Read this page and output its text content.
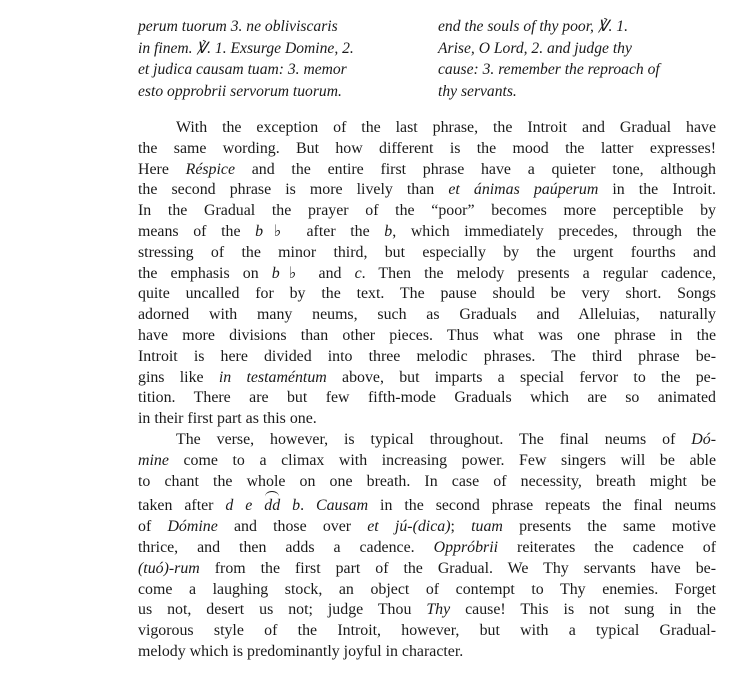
perum tuorum 3. ne obliviscaris
in finem. ℣. 1. Exsurge Domine, 2.
et judica causam tuam: 3. memor
esto opprobrii servorum tuorum.
end the souls of thy poor, ℣. 1.
Arise, O Lord, 2. and judge thy
cause: 3. remember the reproach of
thy servants.
With the exception of the last phrase, the Introit and Gradual have
the same wording. But how different is the mood the latter expresses!
Here Réspice and the entire first phrase have a quieter tone, although
the second phrase is more lively than et ánimas paúperum in the Introit.
In the Gradual the prayer of the “poor” becomes more perceptible by
means of the b♭ after the b, which immediately precedes, through the
stressing of the minor third, but especially by the urgent fourths and
the emphasis on b♭ and c. Then the melody presents a regular cadence,
quite uncalled for by the text. The pause should be very short. Songs
adorned with many neums, such as Graduals and Alleluias, naturally
have more divisions than other pieces. Thus what was one phrase in the
Introit is here divided into three melodic phrases. The third phrase be-
gins like in testaméntum above, but imparts a special fervor to the pe-
tition. There are but few fifth-mode Graduals which are so animated
in their first part as this one.
The verse, however, is typical throughout. The final neums of Dó-
mine come to a climax with increasing power. Few singers will be able
to chant the whole on one breath. In case of necessity, breath might be
taken after d e dd b. Causam in the second phrase repeats the final neums
of Dómine and those over et jú-(dica); tuam presents the same motive
thrice, and then adds a cadence. Oppróbrii reiterates the cadence of
(tuó)-rum from the first part of the Gradual. We Thy servants have be-
come a laughing stock, an object of contempt to Thy enemies. Forget
us not, desert us not; judge Thou Thy cause! This is not sung in the
vigorous style of the Introit, however, but with a typical Gradual-
melody which is predominantly joyful in character.
